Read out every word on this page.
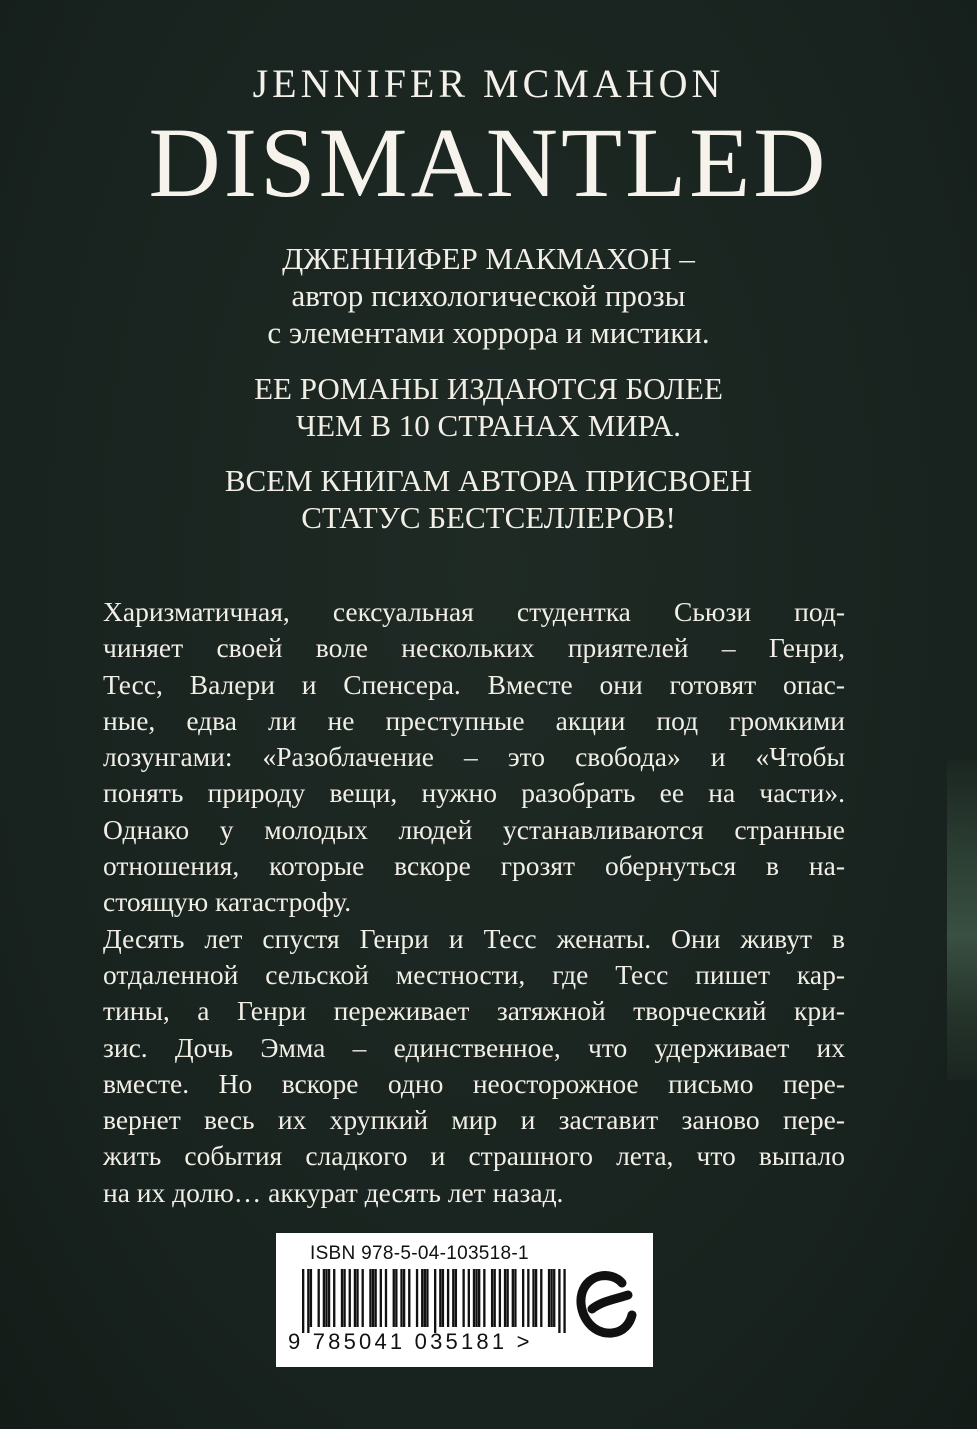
JENNIFER MCMAHON
DISMANTLED
ДЖЕННИФЕР МАКМАХОН –
автор психологической прозы
с элементами хоррора и мистики.
ЕЕ РОМАНЫ ИЗДАЮТСЯ БОЛЕЕ
ЧЕМ В 10 СТРАНАХ МИРА.
ВСЕМ КНИГАМ АВТОРА ПРИСВОЕН
СТАТУС БЕСТСЕЛЛЕРОВ!
Харизматичная, сексуальная студентка Сьюзи под-
чиняет своей воле нескольких приятелей – Генри,
Тесс, Валери и Спенсера. Вместе они готовят опас-
ные, едва ли не преступные акции под громкими
лозунгами: «Разоблачение – это свобода» и «Чтобы
понять природу вещи, нужно разобрать ее на части».
Однако у молодых людей устанавливаются странные
отношения, которые вскоре грозят обернуться в на-
стоящую катастрофу.
Десять лет спустя Генри и Тесс женаты. Они живут в
отдаленной сельской местности, где Тесс пишет кар-
тины, а Генри переживает затяжной творческий кри-
зис. Дочь Эмма – единственное, что удерживает их
вместе. Но вскоре одно неосторожное письмо пере-
вернет весь их хрупкий мир и заставит заново пере-
жить события сладкого и страшного лета, что выпало
на их долю… аккурат десять лет назад.
ISBN 978-5-04-103518-1
9 785041 035181 >
